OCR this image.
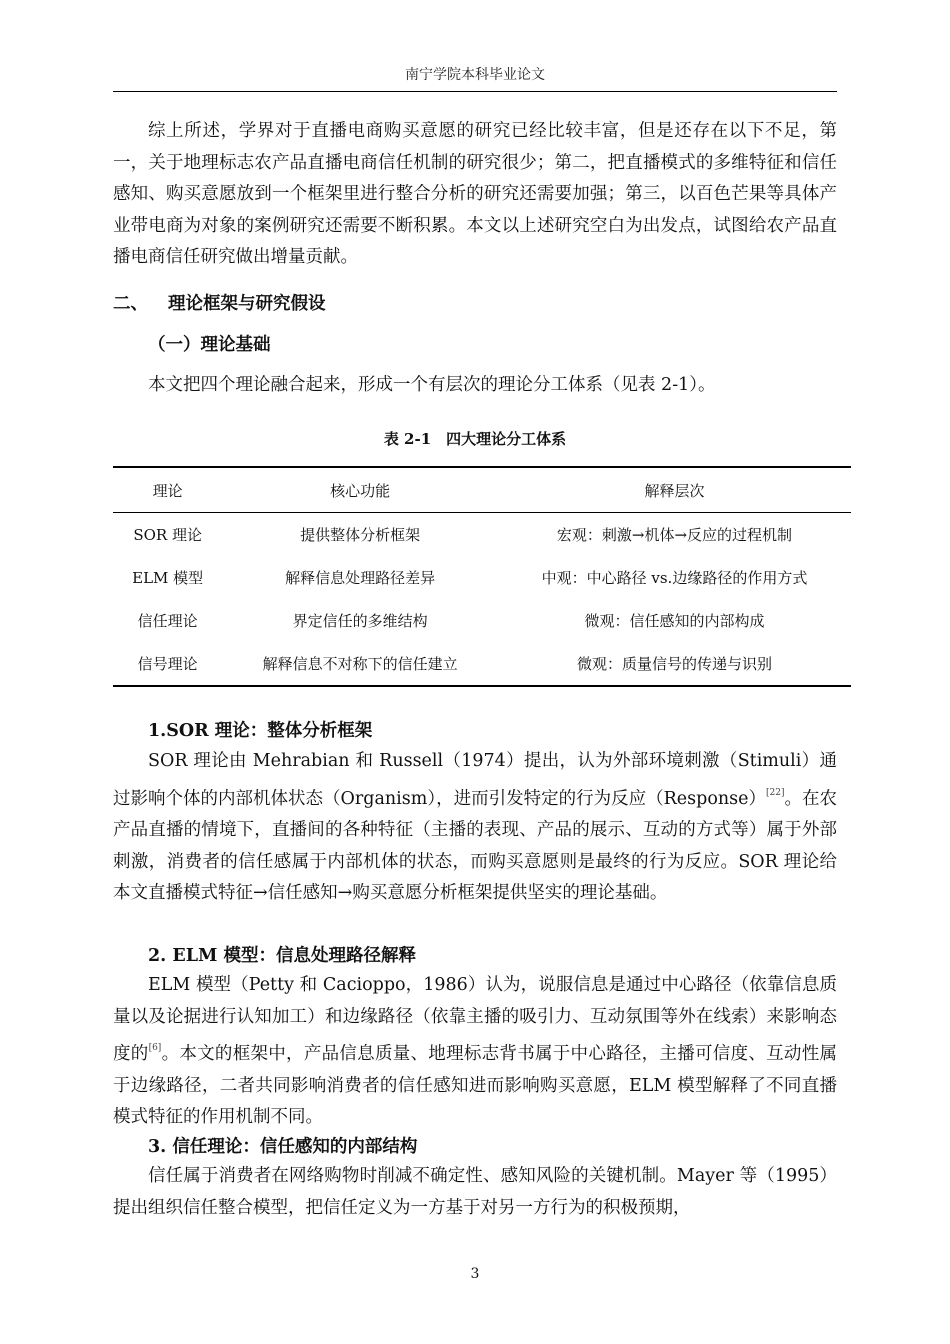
南宁学院本科毕业论文

综上所述，学界对于直播电商购买意愿的研究已经比较丰富，但是还存在以下不足，第一，关于地理标志农产品直播电商信任机制的研究很少；第二，把直播模式的多维特征和信任感知、购买意愿放到一个框架里进行整合分析的研究还需要加强；第三，以百色芒果等具体产业带电商为对象的案例研究还需要不断积累。本文以上述研究空白为出发点，试图给农产品直播电商信任研究做出增量贡献。

二、 理论框架与研究假设
（一）理论基础

本文把四个理论融合起来，形成一个有层次的理论分工体系（见表 2-1）。

表 2-1　四大理论分工体系
理论	核心功能	解释层次
SOR 理论	提供整体分析框架	宏观：刺激→机体→反应的过程机制
ELM 模型	解释信息处理路径差异	中观：中心路径 vs.边缘路径的作用方式
信任理论	界定信任的多维结构	微观：信任感知的内部构成
信号理论	解释信息不对称下的信任建立	微观：质量信号的传递与识别
1.SOR 理论：整体分析框架

SOR 理论由 Mehrabian 和 Russell（1974）提出，认为外部环境刺激（Stimuli）通过影响个体的内部机体状态（Organism），进而引发特定的行为反应（Response）[22]。在农产品直播的情境下，直播间的各种特征（主播的表现、产品的展示、互动的方式等）属于外部刺激，消费者的信任感属于内部机体的状态，而购买意愿则是最终的行为反应。SOR 理论给本文直播模式特征→信任感知→购买意愿分析框架提供坚实的理论基础。

2. ELM 模型：信息处理路径解释

ELM 模型（Petty 和 Cacioppo，1986）认为，说服信息是通过中心路径（依靠信息质量以及论据进行认知加工）和边缘路径（依靠主播的吸引力、互动氛围等外在线索）来影响态度的[6]。本文的框架中，产品信息质量、地理标志背书属于中心路径，主播可信度、互动性属于边缘路径，二者共同影响消费者的信任感知进而影响购买意愿，ELM 模型解释了不同直播模式特征的作用机制不同。

3. 信任理论：信任感知的内部结构

信任属于消费者在网络购物时削减不确定性、感知风险的关键机制。Mayer 等（1995）提出组织信任整合模型，把信任定义为一方基于对另一方行为的积极预期，

3
